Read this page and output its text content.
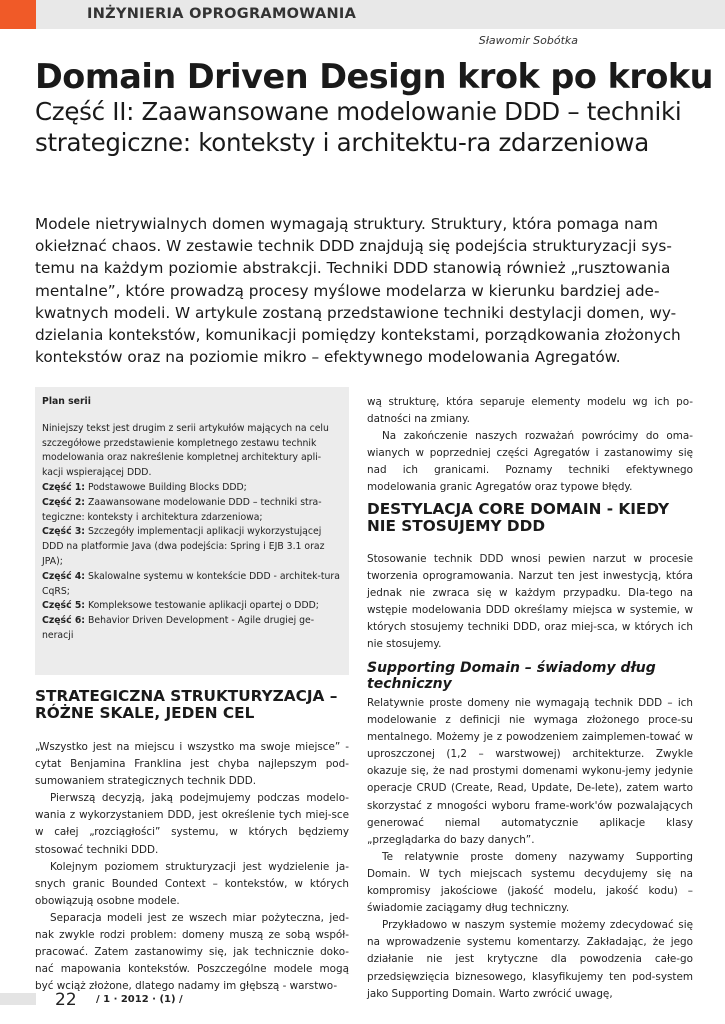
INŻYNIERIA OPROGRAMOWANIA
Sławomir Sobótka
Domain Driven Design krok po kroku
Część II: Zaawansowane modelowanie DDD – techniki strategiczne: konteksty i architektu-ra zdarzeniowa
Modele nietrywialnych domen wymagają struktury. Struktury, która pomaga nam okiełznać chaos. W zestawie technik DDD znajdują się podejścia strukturyzacji sys-temu na każdym poziomie abstrakcji. Techniki DDD stanowią również „rusztowania mentalne”, które prowadzą procesy myślowe modelarza w kierunku bardziej ade-kwatnych modeli. W artykule zostaną przedstawione techniki destylacji domen, wy-dzielania kontekstów, komunikacji pomiędzy kontekstami, porządkowania złożonych kontekstów oraz na poziomie mikro – efektywnego modelowania Agregatów.
Plan serii
Niniejszy tekst jest drugim z serii artykułów mających na celu szczegółowe przedstawienie kompletnego zestawu technik modelowania oraz nakreślenie kompletnej architektury apli-kacji wspierającej DDD.
Część 1: Podstawowe Building Blocks DDD;
Część 2: Zaawansowane modelowanie DDD – techniki stra-tegiczne: konteksty i architektura zdarzeniowa;
Część 3: Szczegóły implementacji aplikacji wykorzystującej DDD na platformie Java (dwa podejścia: Spring i EJB 3.1 oraz JPA);
Część 4: Skalowalne systemu w kontekście DDD - architek-tura CqRS;
Część 5: Kompleksowe testowanie aplikacji opartej o DDD;
Część 6: Behavior Driven Development - Agile drugiej ge-neracji
STRATEGICZNA STRUKTURYZACJA – RÓŻNE SKALE, JEDEN CEL

„Wszystko jest na miejscu i wszystko ma swoje miejsce” - cytat Benjamina Franklina jest chyba najlepszym pod-sumowaniem strategicznych technik DDD.

Pierwszą decyzją, jaką podejmujemy podczas modelo-wania z wykorzystaniem DDD, jest określenie tych miej-sce w całej „rozciągłości” systemu, w których będziemy stosować techniki DDD.

Kolejnym poziomem strukturyzacji jest wydzielenie ja-snych granic Bounded Context – kontekstów, w których obowiązują osobne modele.

Separacja modeli jest ze wszech miar pożyteczna, jed-nak zwykle rodzi problem: domeny muszą ze sobą współ-pracować. Zatem zastanowimy się, jak technicznie doko-nać mapowania kontekstów. Poszczególne modele mogą być wciąż złożone, dlatego nadamy im głębszą - warstwo-

wą strukturę, która separuje elementy modelu wg ich po-datności na zmiany.

Na zakończenie naszych rozważań powrócimy do oma-wianych w poprzedniej części Agregatów i zastanowimy się nad ich granicami. Poznamy techniki efektywnego modelowania granic Agregatów oraz typowe błędy.

DESTYLACJA CORE DOMAIN - KIEDY NIE STOSUJEMY DDD

Stosowanie technik DDD wnosi pewien narzut w procesie tworzenia oprogramowania. Narzut ten jest inwestycją, która jednak nie zwraca się w każdym przypadku. Dla-tego na wstępie modelowania DDD określamy miejsca w systemie, w których stosujemy techniki DDD, oraz miej-sca, w których ich nie stosujemy.

Supporting Domain – świadomy dług techniczny

Relatywnie proste domeny nie wymagają technik DDD – ich modelowanie z definicji nie wymaga złożonego proce-su mentalnego. Możemy je z powodzeniem zaimplemen-tować w uproszczonej (1,2 – warstwowej) architekturze. Zwykle okazuje się, że nad prostymi domenami wykonu-jemy jedynie operacje CRUD (Create, Read, Update, De-lete), zatem warto skorzystać z mnogości wyboru frame-work'ów pozwalających generować niemal automatycznie aplikacje klasy „przeglądarka do bazy danych”.

Te relatywnie proste domeny nazywamy Supporting Domain. W tych miejscach systemu decydujemy się na kompromisy jakościowe (jakość modelu, jakość kodu) – świadomie zaciągamy dług techniczny.

Przykładowo w naszym systemie możemy zdecydować się na wprowadzenie systemu komentarzy. Zakładając, że jego działanie nie jest krytyczne dla powodzenia całe-go przedsięwzięcia biznesowego, klasyfikujemy ten pod-system jako Supporting Domain. Warto zwrócić uwagę,

22 / 1 · 2012 · (1) /
